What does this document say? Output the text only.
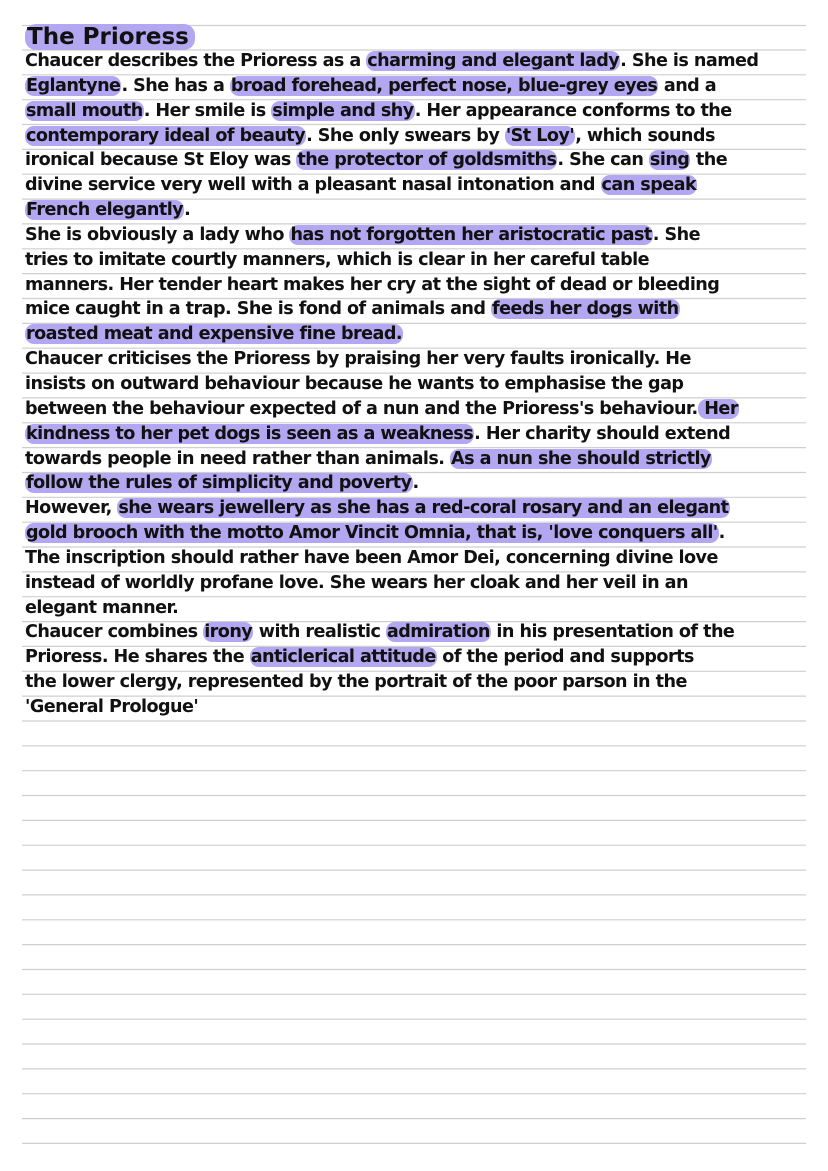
The Prioress

Chaucer describes the Prioress as a charming and elegant lady. She is named

Eglantyne. She has a broad forehead, perfect nose, blue-grey eyes and a

small mouth. Her smile is simple and shy. Her appearance conforms to the

contemporary ideal of beauty. She only swears by 'St Loy', which sounds

ironical because St Eloy was the protector of goldsmiths. She can sing the

divine service very well with a pleasant nasal intonation and can speak

French elegantly.

She is obviously a lady who has not forgotten her aristocratic past. She

tries to imitate courtly manners, which is clear in her careful table

manners. Her tender heart makes her cry at the sight of dead or bleeding

mice caught in a trap. She is fond of animals and feeds her dogs with

roasted meat and expensive fine bread.

Chaucer criticises the Prioress by praising her very faults ironically. He

insists on outward behaviour because he wants to emphasise the gap

between the behaviour expected of a nun and the Prioress's behaviour. Her

kindness to her pet dogs is seen as a weakness. Her charity should extend

towards people in need rather than animals. As a nun she should strictly

follow the rules of simplicity and poverty.

However, she wears jewellery as she has a red-coral rosary and an elegant

gold brooch with the motto Amor Vincit Omnia, that is, 'love conquers all'.

The inscription should rather have been Amor Dei, concerning divine love

instead of worldly profane love. She wears her cloak and her veil in an

elegant manner.

Chaucer combines irony with realistic admiration in his presentation of the

Prioress. He shares the anticlerical attitude of the period and supports

the lower clergy, represented by the portrait of the poor parson in the

'General Prologue'
